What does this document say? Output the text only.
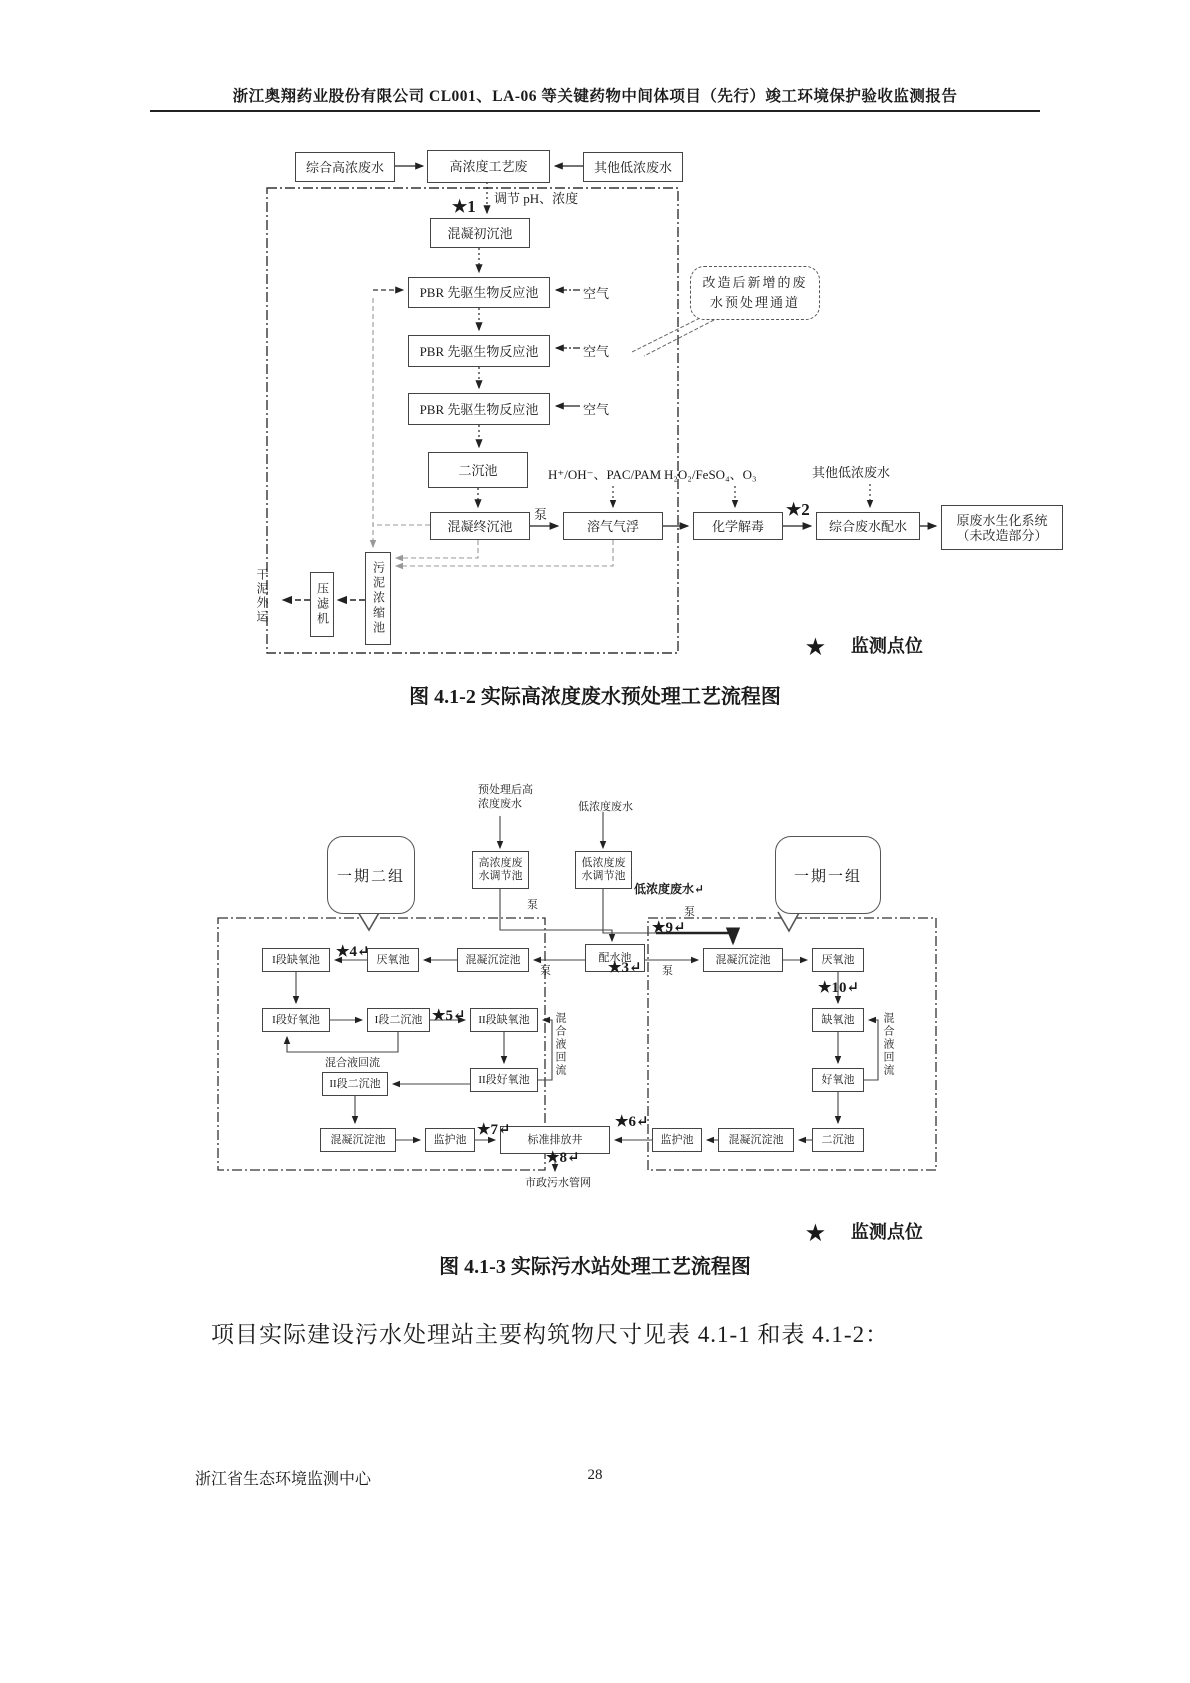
浙江奥翔药业股份有限公司 CL001、LA-06 等关键药物中间体项目（先行）竣工环境保护验收监测报告
综合高浓废水	高浓度工艺废	其他低浓废水
调节 pH、浓度
★1
混凝初沉池
PBR 先驱生物反应池	空气
PBR 先驱生物反应池	空气
PBR 先驱生物反应池	空气
二沉池	H⁺/OH⁻、PAC/PAM H₂O₂/FeSO₄、O₃	其他低浓废水
混凝终沉池
泵
溶气气浮	化学解毒
★2
综合废水配水	原废水生化系统
（未改造部分）
污泥浓缩池
压滤机
干泥外运
改造后新增的废
水预处理通道
★ 监测点位
图 4.1-2 实际高浓度废水预处理工艺流程图
预处理后高
浓度废水	低浓度废水
一期二组	一期一组
高浓度废
水调节池
低浓度废
水调节池
低浓度废水↵
泵
泵
★9↵
I段缺氧池	★4↵ 厌氧池	混凝沉淀池
泵
配水池
★3↵ 泵
混凝沉淀池	厌氧池
I段好氧池	I段二沉池 ★5↵	II段缺氧池	混合液回流
混合液回流
II段二沉池	II段好氧池
★10↵
缺氧池
好氧池
混合液回流
混凝沉淀池	监护池
★7↵
标准排放井
★6↵
监护池	混凝沉淀池	二沉池
★8↵
市政污水管网
★ 监测点位
图 4.1-3 实际污水站处理工艺流程图
项目实际建设污水处理站主要构筑物尺寸见表 4.1-1 和表 4.1-2：
浙江省生态环境监测中心	28
